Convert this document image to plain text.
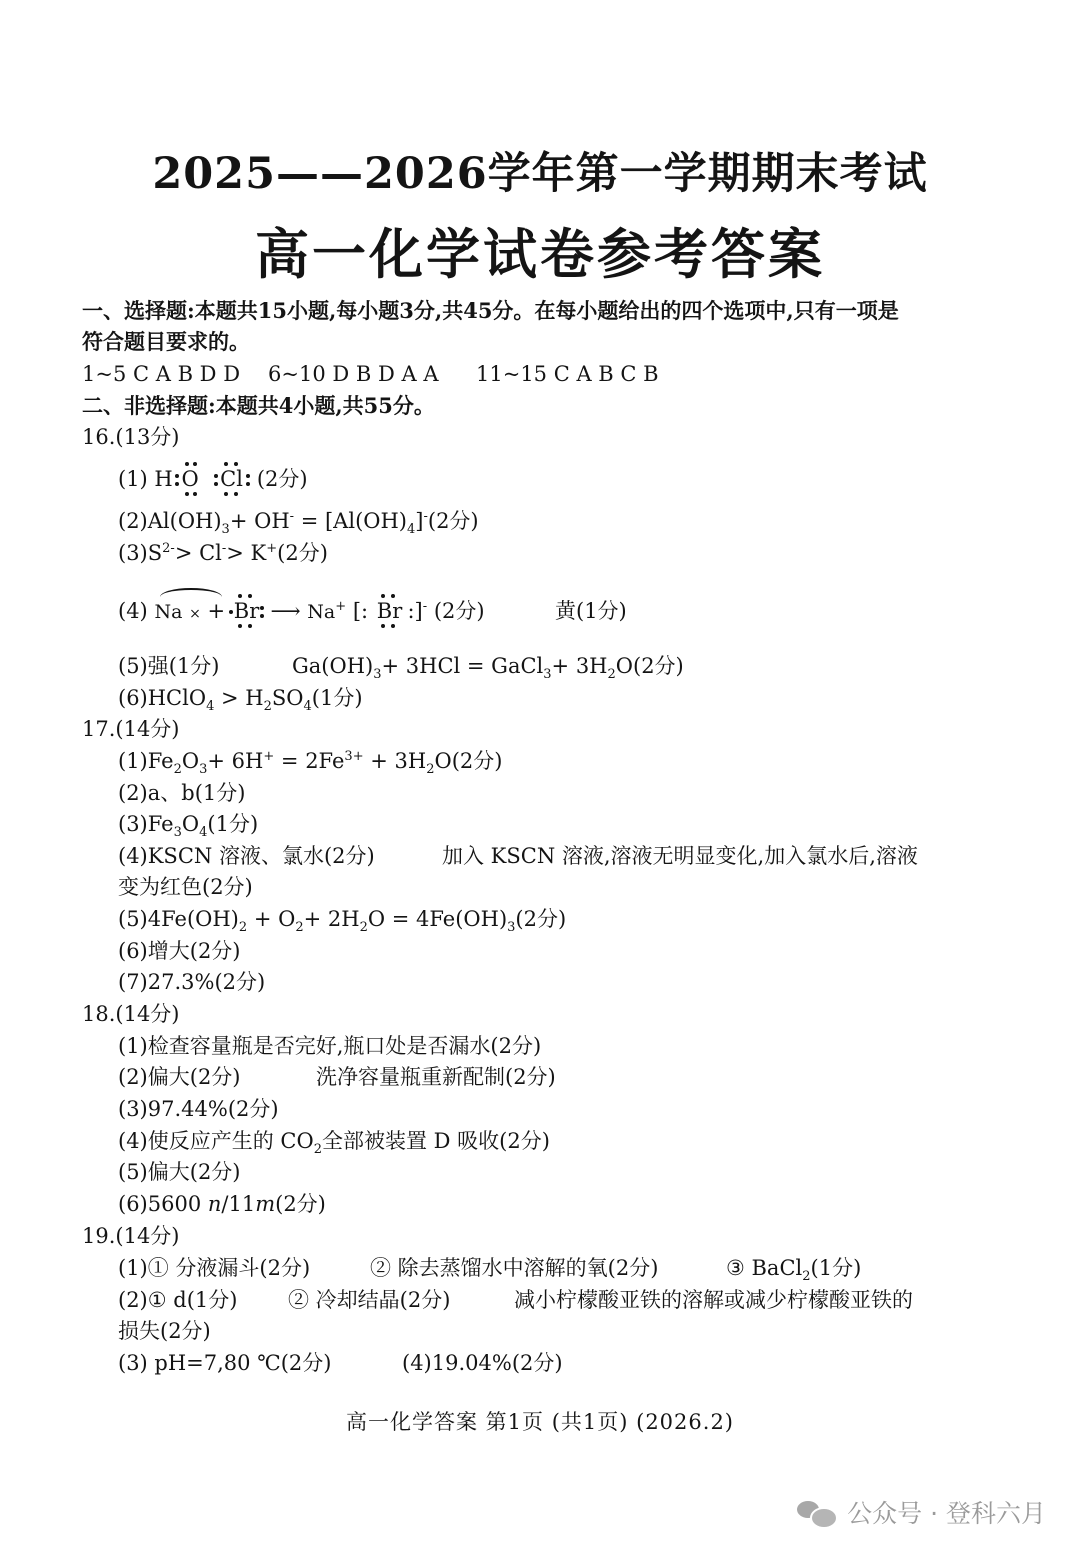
2025——2026学年第一学期期末考试
高一化学试卷参考答案
一、选择题:本题共15小题,每小题3分,共45分。在每小题给出的四个选项中,只有一项是
符合题目要求的。
1~5 C A B D D 6~10 D B D A A 11~15 C A B C B
二、非选择题:本题共4小题,共55分。
16.(13分)
(1) H O
Cl (2分)
$(2)Al(OH)_3+ OH^- = [Al(OH)_4]^-(2$分)
$(3)S^{2-}> Cl^-> K^+(2$分)
(4) Na × + Br ⟶ Na+ [: Br :]- (2分)	黄(1分)
(5)强(1分)	$Ga(OH)_3+ 3HCl$ = GaCl$_3$+ $3H_2O(2$分)
(6)HClO$_4$ > $H_2SO_4(1$分)
17.(14分)
$(1)Fe_2O_3+ 6H^+ = 2Fe^{3+} + 3H_2O(2$分)
(2)a、b(1分)
$(3)Fe_3O_4(1$分)
(4)KSCN 溶液、氯水(2分)	加入 KSCN 溶液,溶液无明显变化,加入氯水后,溶液
变为红色(2分)
$(5)4Fe(OH)_2 + O_2+ 2H_2O = 4Fe(OH)_3(2$分)
(6)增大(2分)
(7)27.3%(2分)
18.(14分)
(1)检查容量瓶是否完好,瓶口处是否漏水(2分)
(2)偏大(2分)	洗净容量瓶重新配制(2分)
(3)97.44%(2分)
(4)使反应产生的 $CO_2$全部被装置 D 吸收(2分)
(5)偏大(2分)
(6)5600 n/11m(2分)
19.(14分)
(1)① 分液漏斗(2分)	② 除去蒸馏水中溶解的氧(2分)	③ BaCl$_2$(1分)
(2)① d(1分) ② 冷却结晶(2分)	减小柠檬酸亚铁的溶解或减少柠檬酸亚铁的
损失(2分)
(3) pH=7,80 ℃(2分)	(4)19.04%(2分)
高一化学答案 第1页 (共1页) (2026.2)
公众号 · 登科六月
